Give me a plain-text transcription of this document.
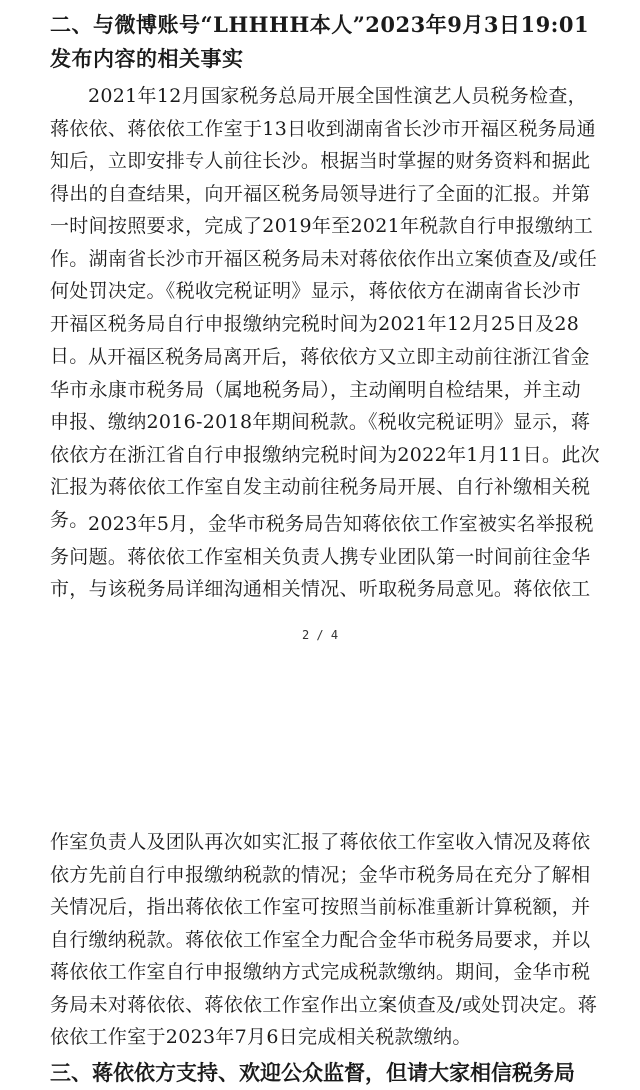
二、与微博账号“LHHHH本人”2023年9月3日19:01发布内容的相关事实

2021年12月国家税务总局开展全国性演艺人员税务检查，蒋依依、蒋依依工作室于13日收到湖南省长沙市开福区税务局通知后，立即安排专人前往长沙。根据当时掌握的财务资料和据此得出的自查结果，向开福区税务局领导进行了全面的汇报。并第一时间按照要求，完成了2019年至2021年税款自行申报缴纳工作。湖南省长沙市开福区税务局未对蒋依依作出立案侦查及/或任何处罚决定。《税收完税证明》显示，蒋依依方在湖南省长沙市开福区税务局自行申报缴纳完税时间为2021年12月25日及28日。 从开福区税务局离开后，蒋依依方又立即主动前往浙江省金华市永康市税务局（属地税务局），主动阐明自检结果，并主动申报、缴纳2016-2018年期间税款。《税收完税证明》显示，蒋依依方在浙江省自行申报缴纳完税时间为2022年1月11日。此次汇报为蒋依依工作室自发主动前往税务局开展、自行补缴相关税务。 2023年5月，金华市税务局告知蒋依依工作室被实名举报税务问题。蒋依依工作室相关负责人携专业团队第一时间前往金华市，与该税务局详细沟通相关情况、听取税务局意见。蒋依依工

2 / 4

作室负责人及团队再次如实汇报了蒋依依工作室收入情况及蒋依依方先前自行申报缴纳税款的情况；金华市税务局在充分了解相关情况后，指出蒋依依工作室可按照当前标准重新计算税额，并自行缴纳税款。蒋依依工作室全力配合金华市税务局要求，并以蒋依依工作室自行申报缴纳方式完成税款缴纳。期间，金华市税务局未对蒋依依、蒋依依工作室作出立案侦查及/或处罚决定。蒋依依工作室于2023年7月6日完成相关税款缴纳。

三、蒋依依方支持、欢迎公众监督，但请大家相信税务局
